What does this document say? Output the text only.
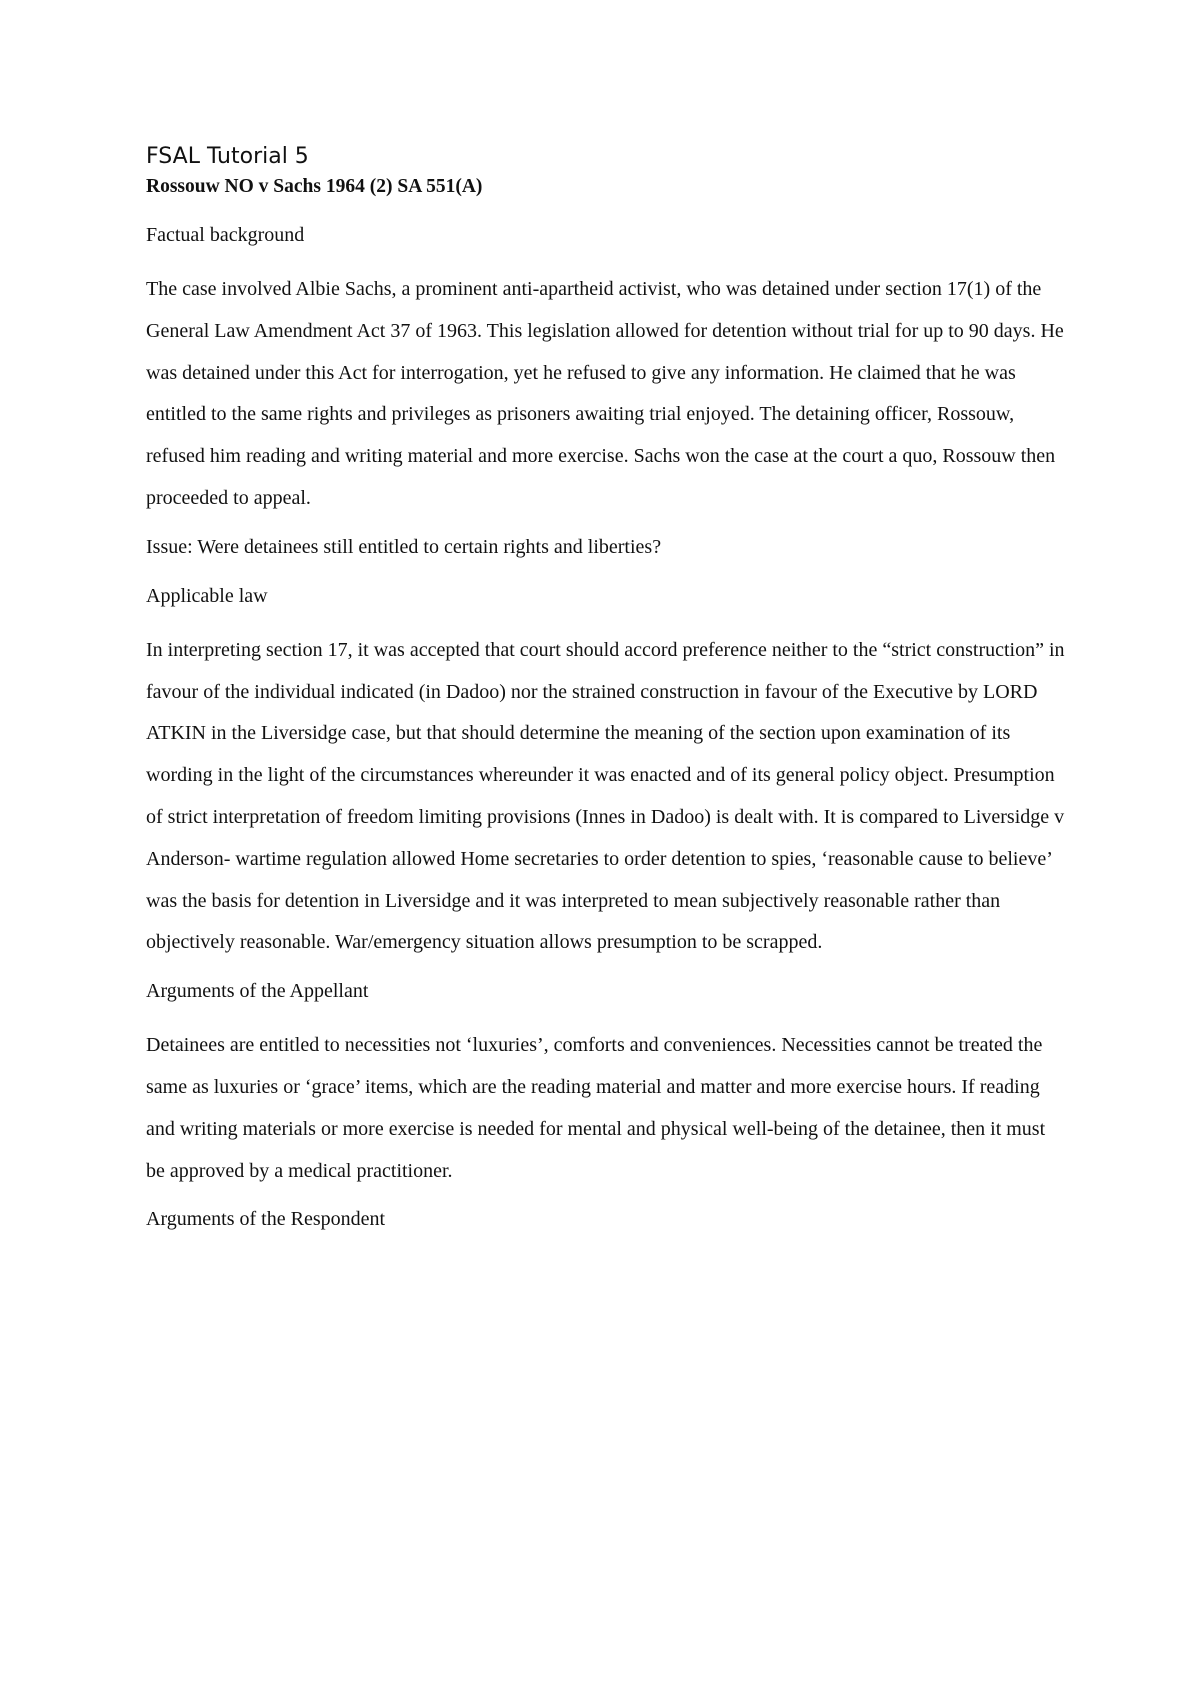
FSAL Tutorial 5
Rossouw NO v Sachs 1964 (2) SA 551(A)
Factual background
The case involved Albie Sachs, a prominent anti-apartheid activist, who was detained under section 17(1) of the General Law Amendment Act 37 of 1963. This legislation allowed for detention without trial for up to 90 days. He was detained under this Act for interrogation, yet he refused to give any information. He claimed that he was entitled to the same rights and privileges as prisoners awaiting trial enjoyed. The detaining officer, Rossouw, refused him reading and writing material and more exercise. Sachs won the case at the court a quo, Rossouw then proceeded to appeal.
Issue: Were detainees still entitled to certain rights and liberties?
Applicable law
In interpreting section 17, it was accepted that court should accord preference neither to the “strict construction” in favour of the individual indicated (in Dadoo) nor the strained construction in favour of the Executive by LORD ATKIN in the Liversidge case, but that should determine the meaning of the section upon examination of its wording in the light of the circumstances whereunder it was enacted and of its general policy object. Presumption of strict interpretation of freedom limiting provisions (Innes in Dadoo) is dealt with. It is compared to Liversidge v Anderson- wartime regulation allowed Home secretaries to order detention to spies, ‘reasonable cause to believe’ was the basis for detention in Liversidge and it was interpreted to mean subjectively reasonable rather than objectively reasonable. War/emergency situation allows presumption to be scrapped.
Arguments of the Appellant
Detainees are entitled to necessities not ‘luxuries’, comforts and conveniences. Necessities cannot be treated the same as luxuries or ‘grace’ items, which are the reading material and matter and more exercise hours. If reading and writing materials or more exercise is needed for mental and physical well-being of the detainee, then it must be approved by a medical practitioner.
Arguments of the Respondent
